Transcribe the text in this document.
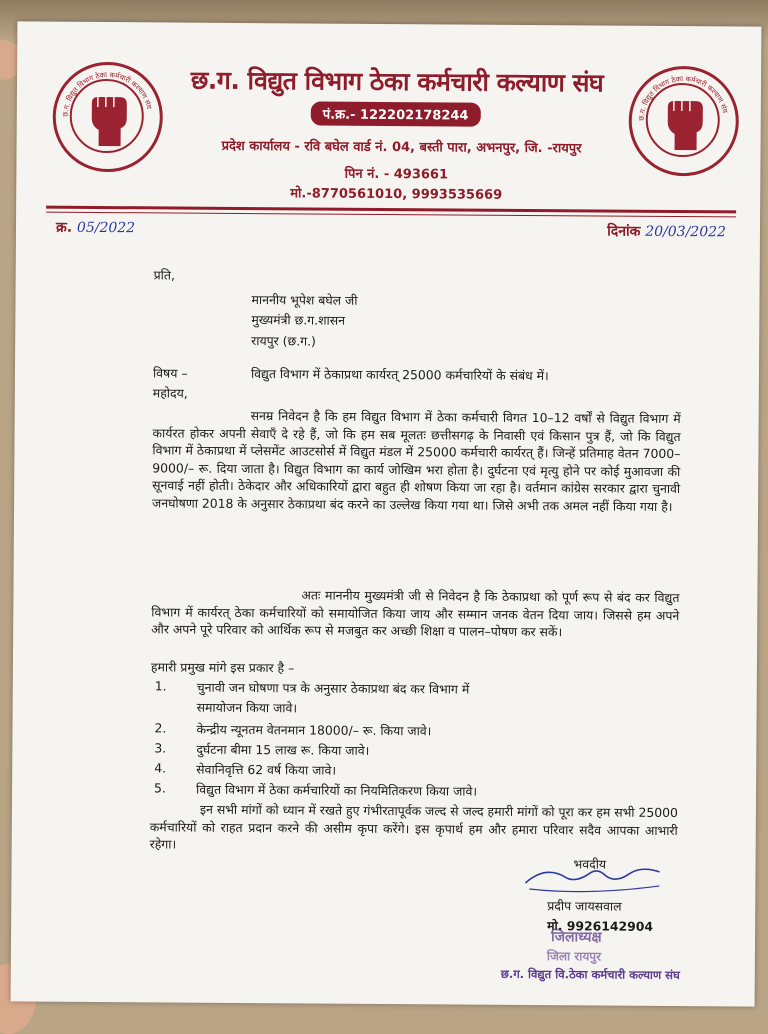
छ.ग. विद्युत विभाग ठेका कर्मचारी कल्याण संघ
छ.ग. विद्युत विभाग ठेका कर्मचारी कल्याण संघ
छ.ग. विद्युत विभाग ठेका कर्मचारी कल्याण संघ
पं.क्र.- 122202178244
प्रदेश कार्यालय - रवि बघेल वार्ड नं. 04, बस्ती पारा, अभनपुर, जि. -रायपुर
पिन नं. - 493661
मो.-8770561010, 9993535669
क्र. 05/2022	दिनांक 20/03/2022
प्रति,
माननीय भूपेश बघेल जी
मुख्यमंत्री छ.ग.शासन
रायपुर (छ.ग.)
विषय –	विद्युत विभाग में ठेकाप्रथा कार्यरत् 25000 कर्मचारियों के संबंध में।
महोदय,
सनम्र निवेदन है कि हम विद्युत विभाग में ठेका कर्मचारी विगत 10–12 वर्षों से विद्युत विभाग में कार्यरत होकर अपनी सेवाएँ दे रहे हैं, जो कि हम सब मूलतः छत्तीसगढ़ के निवासी एवं किसान पुत्र हैं, जो कि विद्युत विभाग में ठेकाप्रथा में प्लेसमेंट आउटसोर्स में विद्युत मंडल में 25000 कर्मचारी कार्यरत् हैं। जिन्हें प्रतिमाह वेतन 7000–9000/– रू. दिया जाता है। विद्युत विभाग का कार्य जोखिम भरा होता है। दुर्घटना एवं मृत्यु होने पर कोई मुआवजा की सूनवाई नहीं होती। ठेकेदार और अधिकारियों द्वारा बहुत ही शोषण किया जा रहा है। वर्तमान कांग्रेस सरकार द्वारा चुनावी जनघोषणा 2018 के अनुसार ठेकाप्रथा बंद करने का उल्लेख किया गया था। जिसे अभी तक अमल नहीं किया गया है।
अतः माननीय मुख्यमंत्री जी से निवेदन है कि ठेकाप्रथा को पूर्ण रूप से बंद कर विद्युत विभाग में कार्यरत् ठेका कर्मचारियों को समायोजित किया जाय और सम्मान जनक वेतन दिया जाय। जिससे हम अपने और अपने पूरे परिवार को आर्थिक रूप से मजबुत कर अच्छी शिक्षा व पालन–पोषण कर सकें।
हमारी प्रमुख मांगे इस प्रकार है –
1. चुनावी जन घोषणा पत्र के अनुसार ठेकाप्रथा बंद कर विभाग में
समायोजन किया जावे।
2. केन्द्रीय न्यूनतम वेतनमान 18000/– रू. किया जावे।
3. दुर्घटना बीमा 15 लाख रू. किया जावे।
4. सेवानिवृत्ति 62 वर्ष किया जावे।
5. विद्युत विभाग में ठेका कर्मचारियों का नियमितिकरण किया जावे।
इन सभी मांगों को ध्यान में रखते हुए गंभीरतापूर्वक जल्द से जल्द हमारी मांगों को पूरा कर हम सभी 25000 कर्मचारियों को राहत प्रदान करने की असीम कृपा करेंगे। इस कृपार्थ हम और हमारा परिवार सदैव आपका आभारी रहेगा।
भवदीय
प्रदीप जायसवाल
मो. 9926142904
जिलाध्यक्ष
जिला रायपुर
छ.ग. विद्युत वि.ठेका कर्मचारी कल्याण संघ
